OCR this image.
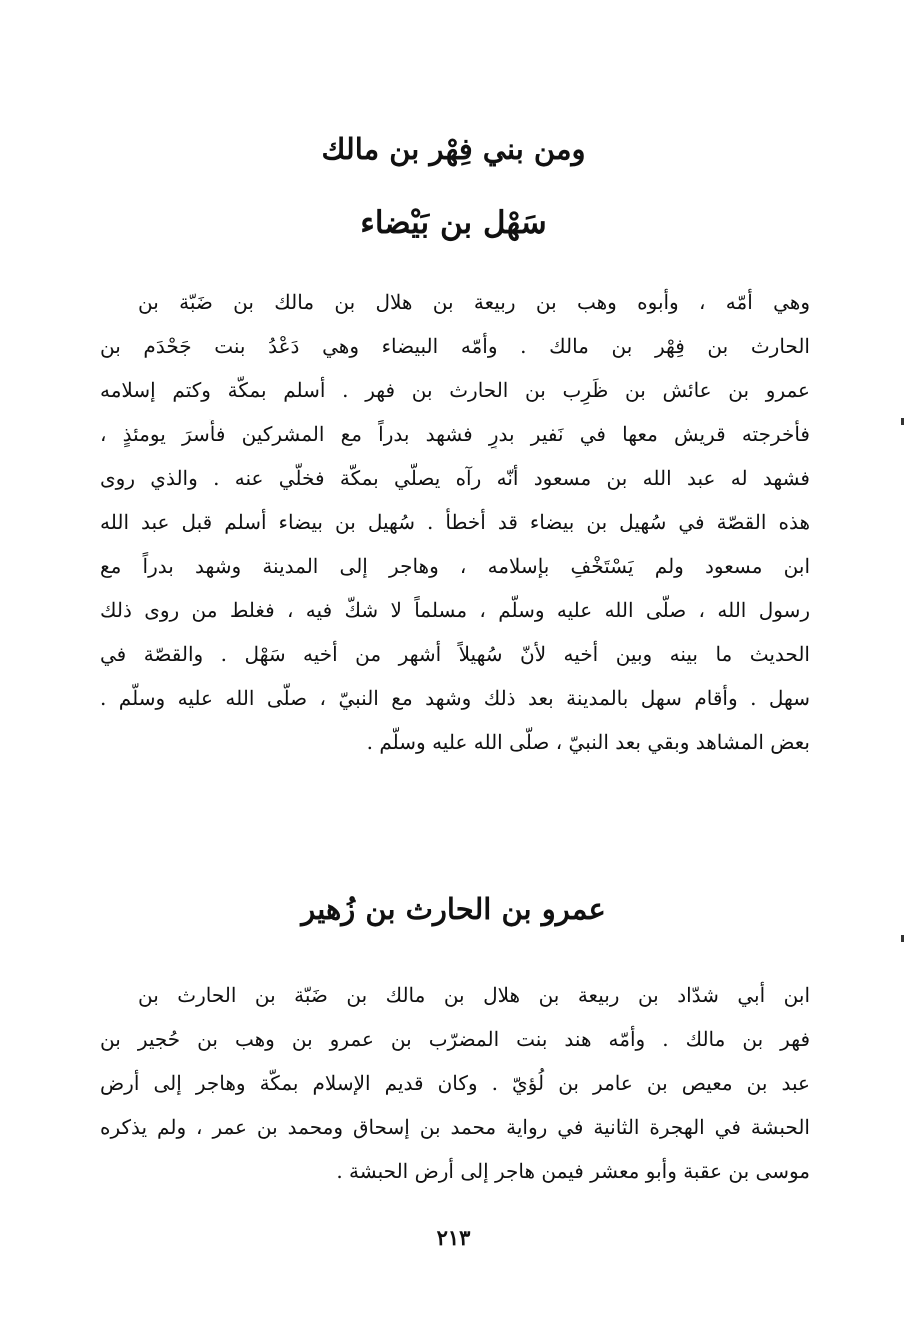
ومن بني فِهْر بن مالك
سَهْل بن بَيْضاء
وهي أمّه ، وأبوه وهب بن ربيعة بن هلال بن مالك بن ضَبّة بن
الحارث بن فِهْر بن مالك . وأمّه البيضاء وهي دَعْدُ بنت جَحْدَم بن
عمرو بن عائش بن ظَرِب بن الحارث بن فهر . أسلم بمكّة وكتم إسلامه
فأخرجته قريش معها في نَفير بدرٍ فشهد بدراً مع المشركين فأُسرَ يومئذٍ ،
فشهد له عبد الله بن مسعود أنّه رآه يصلّي بمكّة فخلّي عنه . والذي روى
هذه القصّة في سُهيل بن بيضاء قد أخطأ . سُهيل بن بيضاء أسلم قبل عبد الله
ابن مسعود ولم يَسْتَخْفِ بإسلامه ، وهاجر إلى المدينة وشهد بدراً مع
رسول الله ، صلّى الله عليه وسلّم ، مسلماً لا شكّ فيه ، فغلط من روى ذلك
الحديث ما بينه وبين أخيه لأنّ سُهيلاً أشهر من أخيه سَهْل . والقصّة في
سهل . وأقام سهل بالمدينة بعد ذلك وشهد مع النبيّ ، صلّى الله عليه وسلّم .
بعض المشاهد وبقي بعد النبيّ ، صلّى الله عليه وسلّم .
عمرو بن الحارث بن زُهير
ابن أبي شدّاد بن ربيعة بن هلال بن مالك بن ضَبّة بن الحارث بن
فهر بن مالك . وأمّه هند بنت المضرّب بن عمرو بن وهب بن حُجير بن
عبد بن معيص بن عامر بن لُؤيّ . وكان قديم الإسلام بمكّة وهاجر إلى أرض
الحبشة في الهجرة الثانية في رواية محمد بن إسحاق ومحمد بن عمر ، ولم يذكره
موسى بن عقبة وأبو معشر فيمن هاجر إلى أرض الحبشة .
٢١٣
